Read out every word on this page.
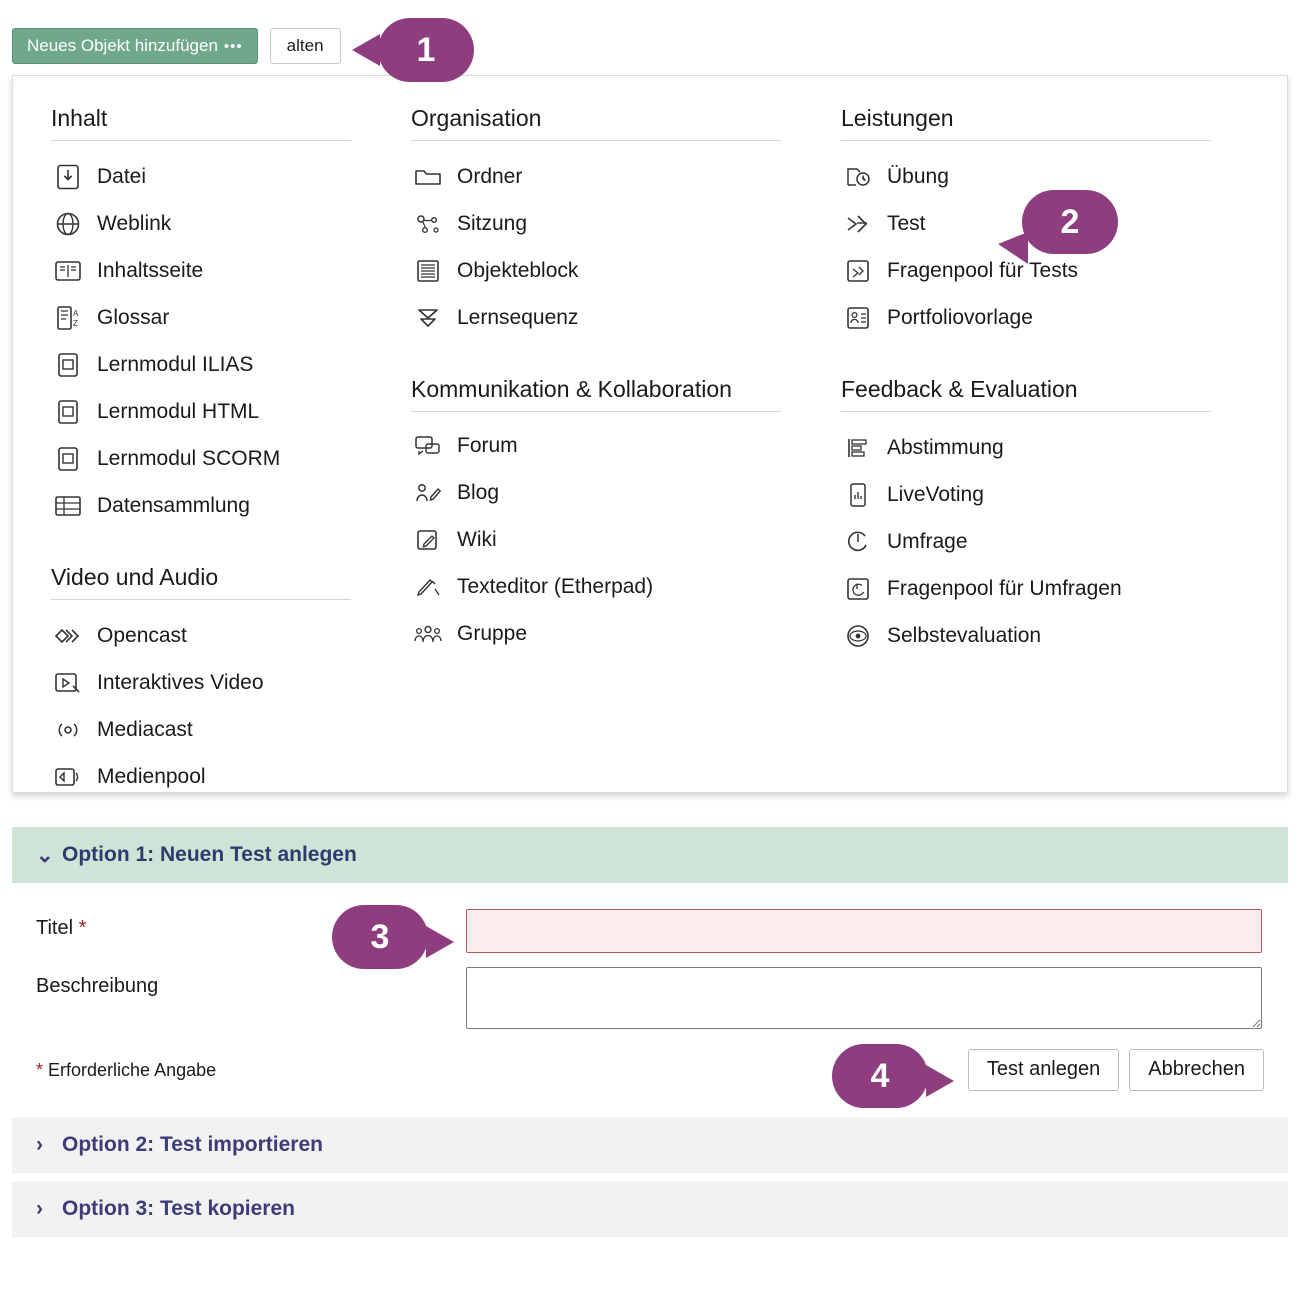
Neues Objekt hinzufügen •••	alten
Inhalt
Datei
Weblink
Inhaltsseite
A
Z Glossar
Lernmodul ILIAS
Lernmodul HTML
Lernmodul SCORM
Datensammlung
Video und Audio
Opencast
Interaktives Video
Mediacast
Medienpool
Organisation
Ordner
Sitzung
Objekteblock
Lernsequenz
Kommunikation & Kollaboration
Forum
Blog
Wiki
Texteditor (Etherpad)
Gruppe
Leistungen
Übung
Test
Fragenpool für Tests
Portfoliovorlage
Feedback & Evaluation
Abstimmung
LiveVoting
Umfrage
Fragenpool für Umfragen
Selbstevaluation
⌄ Option 1: Neuen Test anlegen
Titel *
Beschreibung
* Erforderliche Angabe	Test anlegen	Abbrechen
› Option 2: Test importieren
› Option 3: Test kopieren
1
2
3
4
